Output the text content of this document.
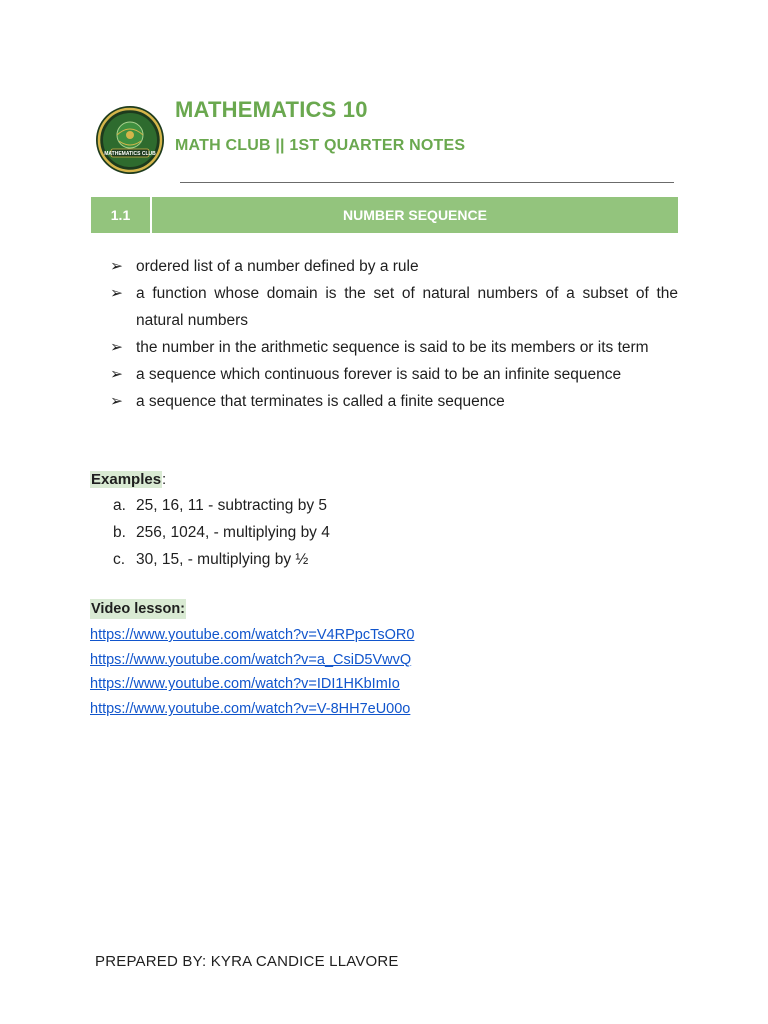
MATHEMATICS CLUB
MATHEMATICS 10
MATH CLUB || 1ST QUARTER NOTES
1.1	NUMBER SEQUENCE
➢ ordered list of a number defined by a rule
➢ a function whose domain is the set of natural numbers of a subset of the natural numbers
➢ the number in the arithmetic sequence is said to be its members or its term
➢ a sequence which continuous forever is said to be an infinite sequence
➢ a sequence that terminates is called a finite sequence
Examples:
a. 25, 16, 11 - subtracting by 5
b. 256, 1024, - multiplying by 4
c. 30, 15, - multiplying by ½
Video lesson:
https://www.youtube.com/watch?v=V4RPpcTsOR0
https://www.youtube.com/watch?v=a_CsiD5VwvQ
https://www.youtube.com/watch?v=IDI1HKbImIo
https://www.youtube.com/watch?v=V-8HH7eU00o
PREPARED BY: KYRA CANDICE LLAVORE
